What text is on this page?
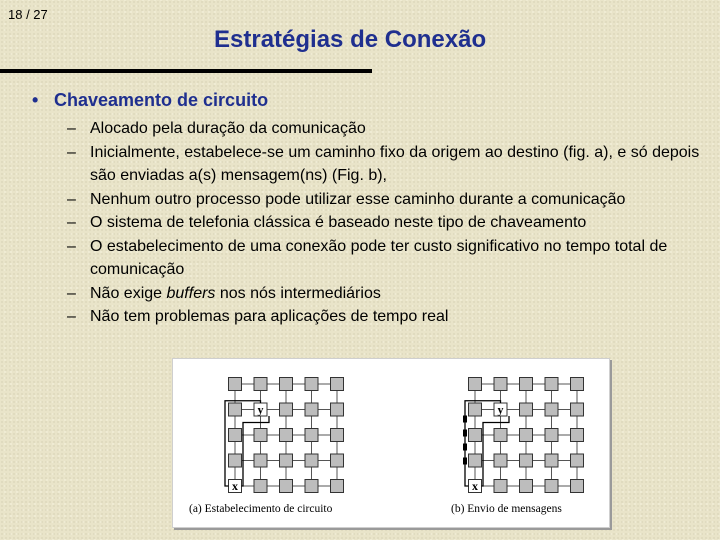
18 / 27
Estratégias de Conexão
• Chaveamento de circuito
– Alocado pela duração da comunicação
– Inicialmente, estabelece-se um caminho fixo da origem ao destino (fig. a), e só depois são enviadas a(s) mensagem(ns) (Fig. b),
– Nenhum outro processo pode utilizar esse caminho durante a comunicação
– O sistema de telefonia clássica é baseado neste tipo de chaveamento
– O estabelecimento de uma conexão pode ter custo significativo no tempo total de comunicação
– Não exige buffers nos nós intermediários
– Não tem problemas para aplicações de tempo real
x
y
x
y
(a) Estabelecimento de circuito	(b) Envio de mensagens
